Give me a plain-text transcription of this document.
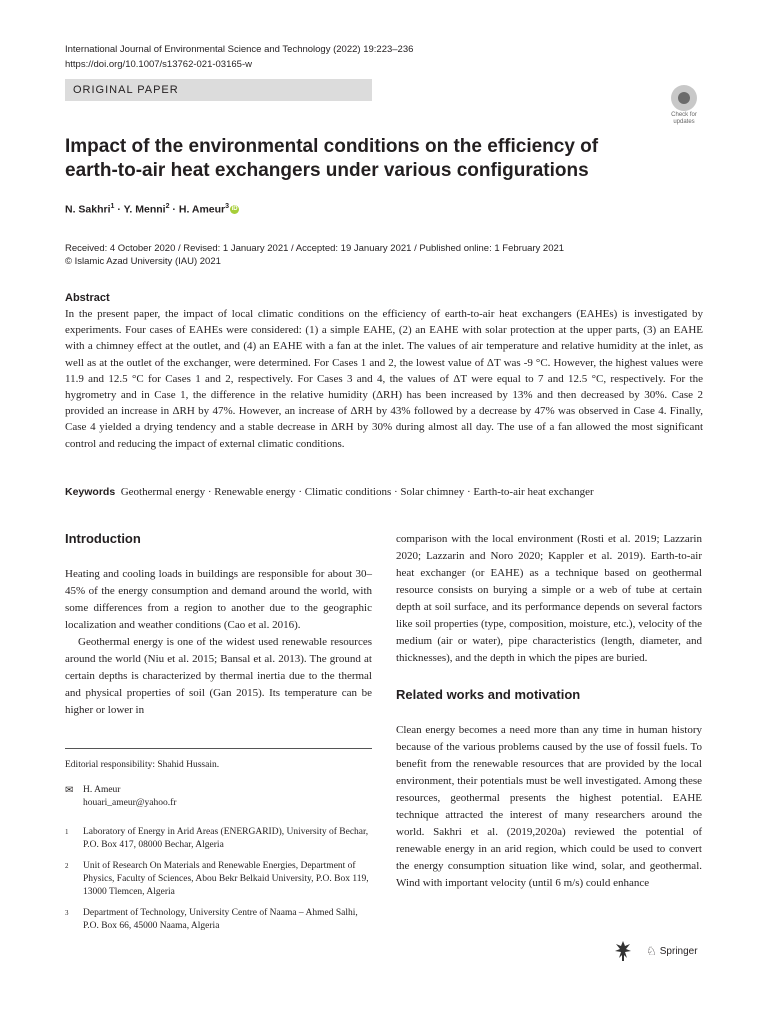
International Journal of Environmental Science and Technology (2022) 19:223–236
https://doi.org/10.1007/s13762-021-03165-w
ORIGINAL PAPER
Check for updates
Impact of the environmental conditions on the efficiency of earth-to-air heat exchangers under various configurations
N. Sakhri$^1$ · Y. Menni$^2$ · H. Ameur$^3$ iD
Received: 4 October 2020 / Revised: 1 January 2021 / Accepted: 19 January 2021 / Published online: 1 February 2021
© Islamic Azad University (IAU) 2021
Abstract
In the present paper, the impact of local climatic conditions on the efficiency of earth-to-air heat exchangers (EAHEs) is investigated by experiments. Four cases of EAHEs were considered: (1) a simple EAHE, (2) an EAHE with solar protection at the upper parts, (3) an EAHE with a chimney effect at the outlet, and (4) an EAHE with a fan at the inlet. The values of air temperature and relative humidity at the inlet, as well as at the outlet of the exchanger, were determined. For Cases 1 and 2, the lowest value of ΔT was -9 °C. However, the highest values were 11.9 and 12.5 °C for Cases 1 and 2, respectively. For Cases 3 and 4, the values of ΔT were equal to 7 and 12.5 °C, respectively. For the hygrometry and in Case 1, the difference in the relative humidity (ΔRH) has been increased by 13% and then decreased by 30%. Case 2 provided an increase in ΔRH by 47%. However, an increase of ΔRH by 43% followed by a decrease by 47% was observed in Case 4. Finally, Case 4 yielded a drying tendency and a stable decrease in ΔRH by 30% during almost all day. The use of a fan allowed the most significant control and reducing the impact of external climatic conditions.
Keywords Geothermal energy · Renewable energy · Climatic conditions · Solar chimney · Earth-to-air heat exchanger
Introduction

Heating and cooling loads in buildings are responsible for about 30–45% of the energy consumption and demand around the world, with some differences from a region to another due to the geographic localization and weather conditions (Cao et al. 2016).

Geothermal energy is one of the widest used renewable resources around the world (Niu et al. 2015; Bansal et al. 2013). The ground at certain depths is characterized by thermal inertia due to the thermal and physical properties of soil (Gan 2015). Its temperature can be higher or lower in

comparison with the local environment (Rosti et al. 2019; Lazzarin 2020; Lazzarin and Noro 2020; Kappler et al. 2019). Earth-to-air heat exchanger (or EAHE) as a technique based on geothermal resource consists on burying a simple or a web of tube at certain depth at soil surface, and its performance depends on several factors like soil properties (type, composition, moisture, etc.), velocity of the medium (air or water), pipe characteristics (length, diameter, and thicknesses), and the depth in which the pipes are buried.

Related works and motivation

Clean energy becomes a need more than any time in human history because of the various problems caused by the use of fossil fuels. To benefit from the renewable resources that are provided by the local environment, their potentials must be well investigated. Among these resources, geothermal presents the highest potential. EAHE technique attracted the interest of many researchers around the world. Sakhri et al. (2019,2020a) reviewed the potential of renewable energy in an arid region, which could be used to convert the energy consumption situation like wind, solar, and geothermal. Wind with important velocity (until 6 m/s) could enhance

Editorial responsibility: Shahid Hussain.
✉	H. Ameur
houari_ameur@yahoo.fr
1	Laboratory of Energy in Arid Areas (ENERGARID), University of Bechar, P.O. Box 417, 08000 Bechar, Algeria
2	Unit of Research On Materials and Renewable Energies, Department of Physics, Faculty of Sciences, Abou Bekr Belkaid University, P.O. Box 119, 13000 Tlemcen, Algeria
3	Department of Technology, University Centre of Naama – Ahmed Salhi, P.O. Box 66, 45000 Naama, Algeria
♘ Springer
